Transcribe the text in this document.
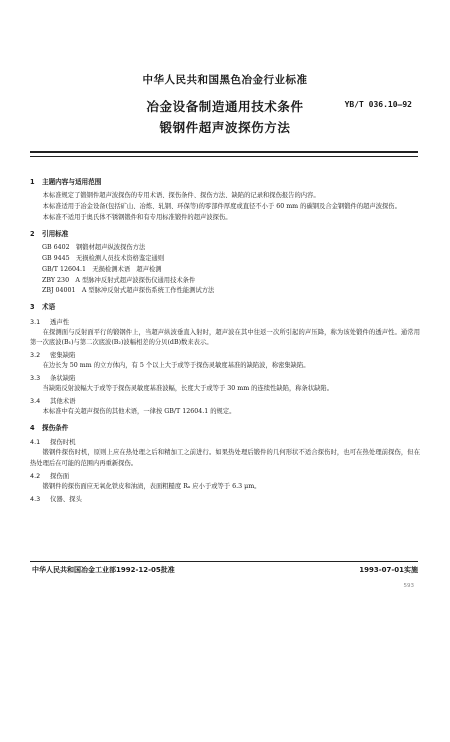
中华人民共和国黑色冶金行业标准
YB/T 036.10—92
冶金设备制造通用技术条件
锻钢件超声波探伤方法
1 主题内容与适用范围
本标准规定了锻钢件超声波探伤的专用术语、探伤条件、探伤方法、缺陷的记录和探伤报告的内容。
本标准适用于冶金设备(包括矿山、冶炼、轧钢、环保等)的零部件厚度或直径不小于 60 mm 的碳钢及合金钢锻件的超声波探伤。
本标准不适用于奥氏体不锈钢锻件和有专用标准锻件的超声波探伤。
2 引用标准
GB 6402　 钢锻材超声纵波探伤方法
GB 9445　 无损检测人员技术资格鉴定通则
GB/T 12604.1　 无损检测术语　超声检测
ZBY 230　 A 型脉冲反射式超声波探伤仪通用技术条件
ZBJ 04001　 A 型脉冲反射式超声探伤系统工作性能测试方法
3 术语
3.1 透声性
在探测面与反射面平行的锻钢件上，当超声纵波垂直入射时，超声波在其中往返一次所引起的声压降，称为该处锻件的透声性。通常用第一次底波(B₁)与第二次底波(B₂)波幅相差的分贝(dB)数来表示。
3.2 密集缺陷
在边长为 50 mm 的立方体内，有 5 个以上大于或等于探伤灵敏度基准的缺陷波，称密集缺陷。
3.3 条状缺陷
当缺陷反射波幅大于或等于探伤灵敏度基准波幅，长度大于或等于 30 mm 的连续性缺陷，称条状缺陷。
3.4 其他术语
本标准中有关超声探伤的其他术语，一律按 GB/T 12604.1 的规定。
4 探伤条件
4.1 探伤时机
锻钢件探伤时机，原则上应在热处理之后和精加工之前进行。如果热处理后锻件的几何形状不适合探伤时，也可在热处理前探伤，但在热处理后在可能的范围内再重新探伤。
4.2 探伤面
锻钢件的探伤面应无氧化铁皮和油渍，表面粗糙度 Rₐ 应小于或等于 6.3 μm。
4.3 仪器、探头
中华人民共和国冶金工业部1992-12-05批准	1993-07-01实施
593
